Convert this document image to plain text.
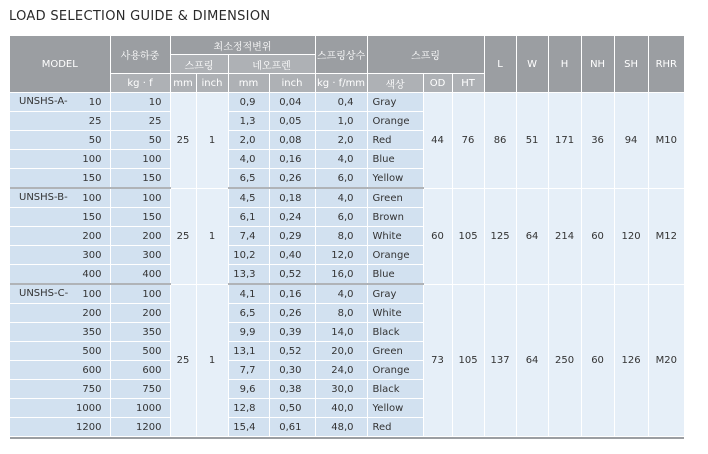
LOAD SELECTION GUIDE & DIMENSION
MODEL	사용하중	최소정적변위				스프링상수	스프링			L	W	H	NH	SH	RHR
		스프링		네오프렌											
	kg · f	mm	inch	mm	inch	kg · f/mm	색상	OD	HT						

UNSHS-A- 10	10	25	1	0,9	0,04	0,4	Gray	44	76	86	51	171	36	94	M10
25	25			1,3	0,05	1,0	Orange								
50	50			2,0	0,08	2,0	Red								
100	100			4,0	0,16	4,0	Blue								
150	150			6,5	0,26	6,0	Yellow								

UNSHS-B- 100	100	25	1	4,5	0,18	4,0	Green	60	105	125	64	214	60	120	M12
150	150			6,1	0,24	6,0	Brown								
200	200			7,4	0,29	8,0	White								
300	300			10,2	0,40	12,0	Orange								
400	400			13,3	0,52	16,0	Blue								

UNSHS-C- 100	100	25	1	4,1	0,16	4,0	Gray	73	105	137	64	250	60	126	M20
200	200			6,5	0,26	8,0	White								
350	350			9,9	0,39	14,0	Black								
500	500			13,1	0,52	20,0	Green								
600	600			7,7	0,30	24,0	Orange								
750	750			9,6	0,38	30,0	Black								
1000	1000			12,8	0,50	40,0	Yellow								
1200	1200			15,4	0,61	48,0	Red								
